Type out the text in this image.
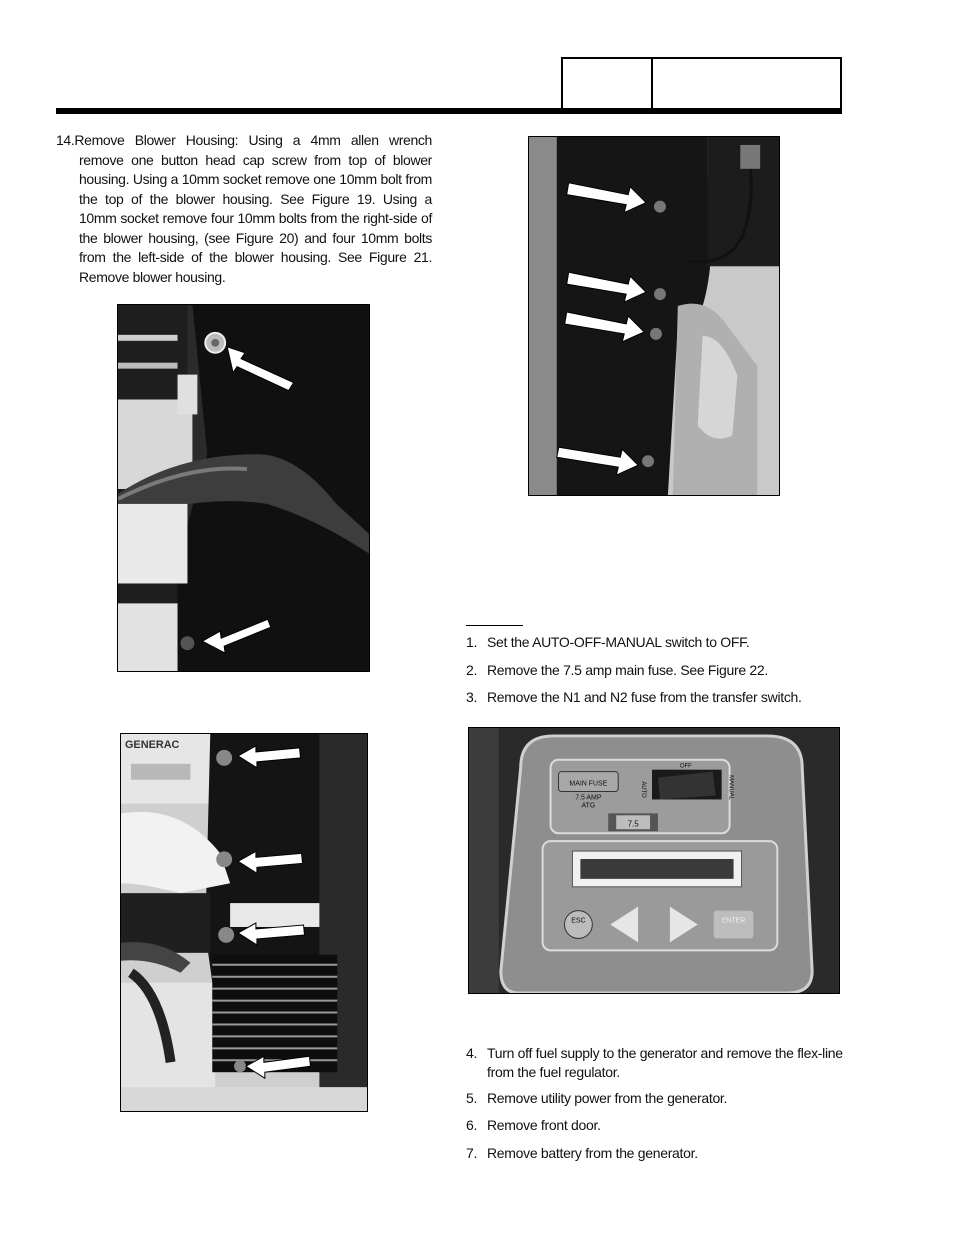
14.Remove Blower Housing: Using a 4mm allen wrench remove one button head cap screw from top of blower housing. Using a 10mm socket remove one 10mm bolt from the top of the blower housing. See Figure 19. Using a 10mm socket remove four 10mm bolts from the right-side of the blower housing, (see Figure 20) and four 10mm bolts from the left-side of the blower housing. See Figure 21. Remove blower housing.

1. Set the AUTO-OFF-MANUAL switch to OFF.
2. Remove the 7.5 amp main fuse. See Figure 22.
3. Remove the N1 and N2 fuse from the transfer switch.
GENERAC
MAIN FUSE
7.5 AMP
ATG
OFF
AUTO	MANUAL
7.5
ESC	ENTER
4. Turn off fuel supply to the generator and remove the flex-line from the fuel regulator.
5. Remove utility power from the generator.
6. Remove front door.
7. Remove battery from the generator.
